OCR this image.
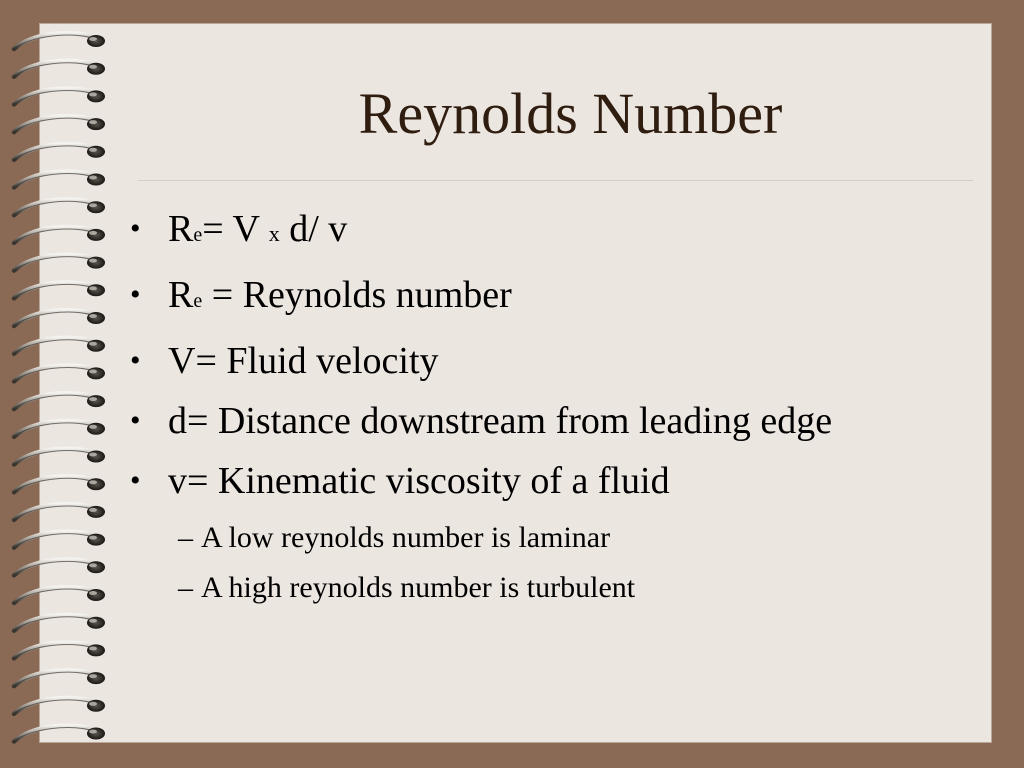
Reynolds Number
• Re= V x d/ v
• Re = Reynolds number
• V= Fluid velocity
• d= Distance downstream from leading edge
• v= Kinematic viscosity of a fluid
– A low reynolds number is laminar
– A high reynolds number is turbulent
